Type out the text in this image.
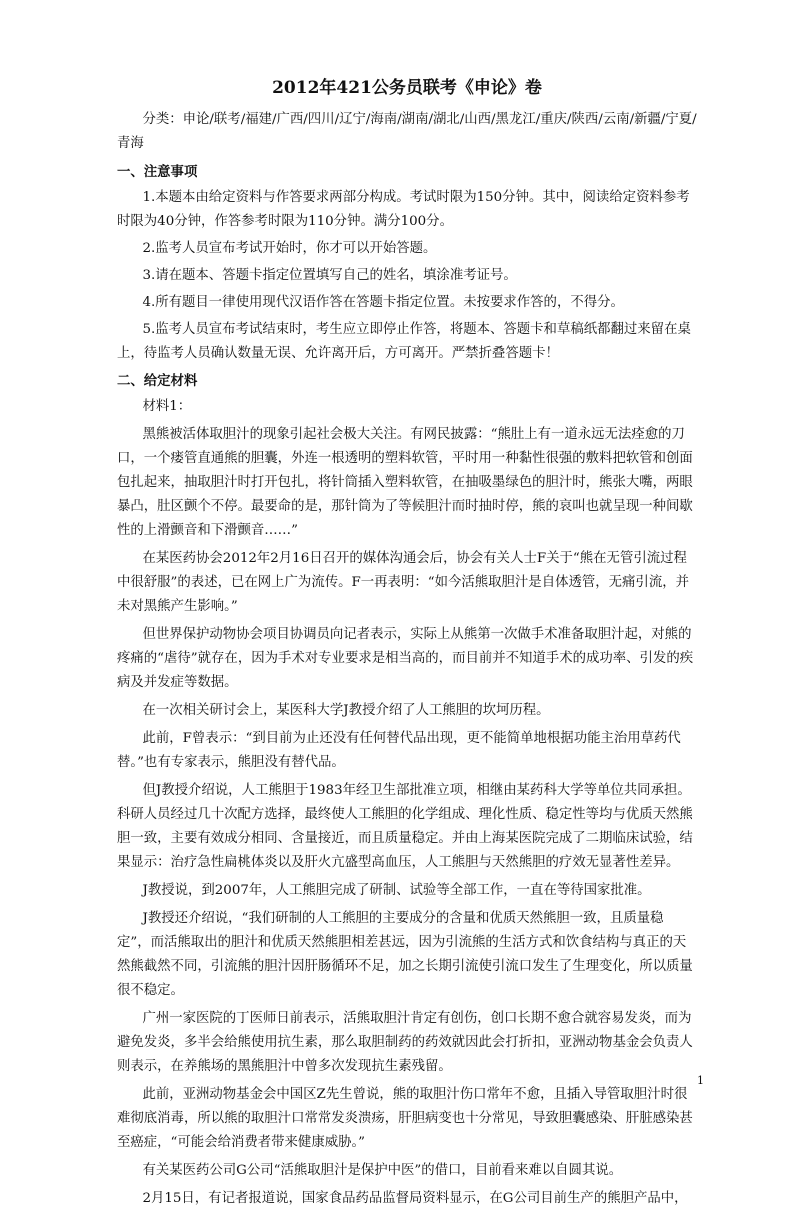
2012年421公务员联考《申论》卷

分类：申论/联考/福建/广西/四川/辽宁/海南/湖南/湖北/山西/黑龙江/重庆/陕西/云南/新疆/宁夏/青海

一、注意事项

1.本题本由给定资料与作答要求两部分构成。考试时限为150分钟。其中，阅读给定资料参考时限为40分钟，作答参考时限为110分钟。满分100分。

2.监考人员宣布考试开始时，你才可以开始答题。

3.请在题本、答题卡指定位置填写自己的姓名，填涂准考证号。

4.所有题目一律使用现代汉语作答在答题卡指定位置。未按要求作答的，不得分。

5.监考人员宣布考试结束时，考生应立即停止作答，将题本、答题卡和草稿纸都翻过来留在桌上，待监考人员确认数量无误、允许离开后，方可离开。严禁折叠答题卡！

二、给定材料

材料1：

黑熊被活体取胆汁的现象引起社会极大关注。有网民披露：“熊肚上有一道永远无法痊愈的刀口，一个瘘管直通熊的胆囊，外连一根透明的塑料软管，平时用一种黏性很强的敷料把软管和创面包扎起来，抽取胆汁时打开包扎，将针筒插入塑料软管，在抽吸墨绿色的胆汁时，熊张大嘴，两眼暴凸，肚区颤个不停。最要命的是，那针筒为了等候胆汁而时抽时停，熊的哀叫也就呈现一种间歇性的上滑颤音和下滑颤音……”

在某医药协会2012年2月16日召开的媒体沟通会后，协会有关人士F关于“熊在无管引流过程中很舒服”的表述，已在网上广为流传。F一再表明：“如今活熊取胆汁是自体透管，无痛引流，并未对黑熊产生影响。”

但世界保护动物协会项目协调员向记者表示，实际上从熊第一次做手术准备取胆汁起，对熊的疼痛的“虐待”就存在，因为手术对专业要求是相当高的，而目前并不知道手术的成功率、引发的疾病及并发症等数据。

在一次相关研讨会上，某医科大学J教授介绍了人工熊胆的坎坷历程。

此前，F曾表示：“到目前为止还没有任何替代品出现，更不能简单地根据功能主治用草药代替。”也有专家表示，熊胆没有替代品。

但J教授介绍说，人工熊胆于1983年经卫生部批准立项，相继由某药科大学等单位共同承担。科研人员经过几十次配方选择，最终使人工熊胆的化学组成、理化性质、稳定性等均与优质天然熊胆一致，主要有效成分相同、含量接近，而且质量稳定。并由上海某医院完成了二期临床试验，结果显示：治疗急性扁桃体炎以及肝火亢盛型高血压，人工熊胆与天然熊胆的疗效无显著性差异。

J教授说，到2007年，人工熊胆完成了研制、试验等全部工作，一直在等待国家批准。

J教授还介绍说，“我们研制的人工熊胆的主要成分的含量和优质天然熊胆一致，且质量稳定”，而活熊取出的胆汁和优质天然熊胆相差甚远，因为引流熊的生活方式和饮食结构与真正的天然熊截然不同，引流熊的胆汁因肝肠循环不足，加之长期引流使引流口发生了生理变化，所以质量很不稳定。

广州一家医院的丁医师日前表示，活熊取胆汁肯定有创伤，创口长期不愈合就容易发炎，而为避免发炎，多半会给熊使用抗生素，那么取胆制药的药效就因此会打折扣，亚洲动物基金会负责人则表示，在养熊场的黑熊胆汁中曾多次发现抗生素残留。

此前，亚洲动物基金会中国区Z先生曾说，熊的取胆汁伤口常年不愈，且插入导管取胆汁时很难彻底消毒，所以熊的取胆汁口常常发炎溃疡，肝胆病变也十分常见，导致胆囊感染、肝脏感染甚至癌症，“可能会给消费者带来健康威胁。”

有关某医药公司G公司“活熊取胆汁是保护中医”的借口，目前看来难以自圆其说。

2月15日，有记者报道说，国家食品药品监督局资料显示，在G公司目前生产的熊胆产品中，

1
